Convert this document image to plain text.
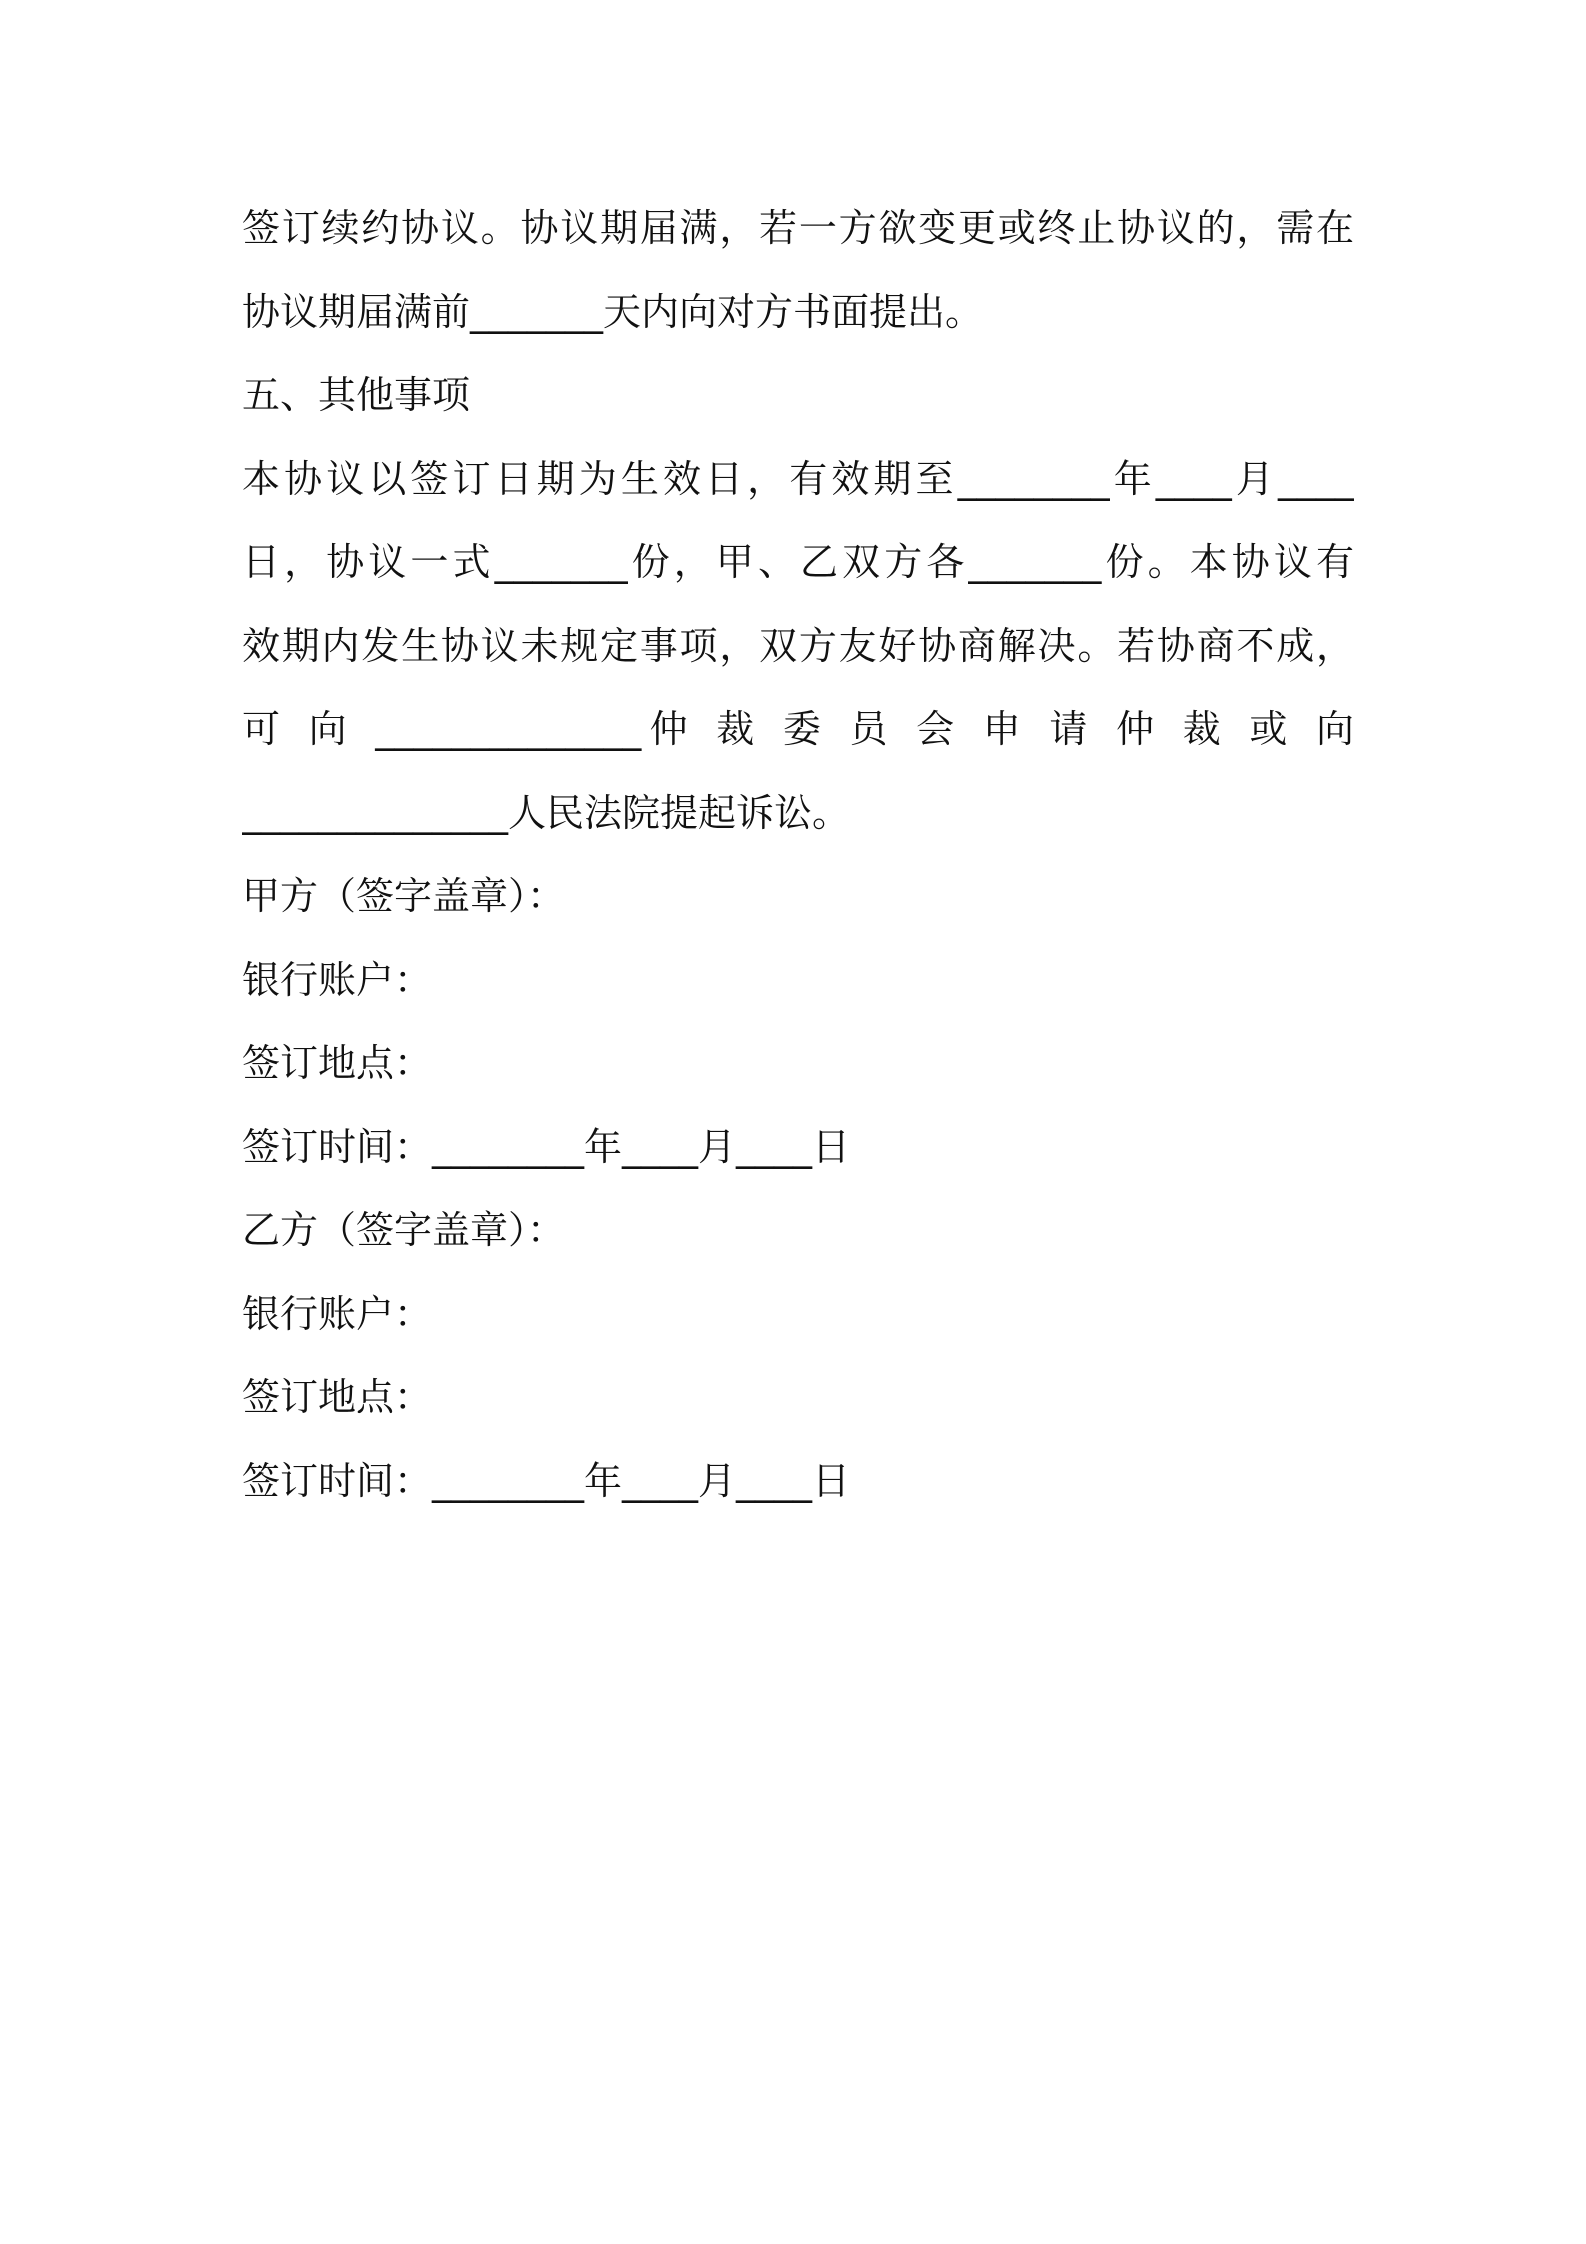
签订续约协议。协议期届满，若一方欲变更或终止协议的，需在
协议期届满前_______天内向对方书面提出。
五、其他事项
本协议以签订日期为生效日，有效期至________年____月____
日，协议一式_______份，甲、乙双方各_______份。本协议有
效期内发生协议未规定事项，双方友好协商解决。若协商不成，
可 向 ______________仲 裁 委 员 会 申 请 仲 裁 或 向
______________人民法院提起诉讼。
甲方（签字盖章）：
银行账户：
签订地点：
签订时间：________年____月____日
乙方（签字盖章）：
银行账户：
签订地点：
签订时间：________年____月____日
